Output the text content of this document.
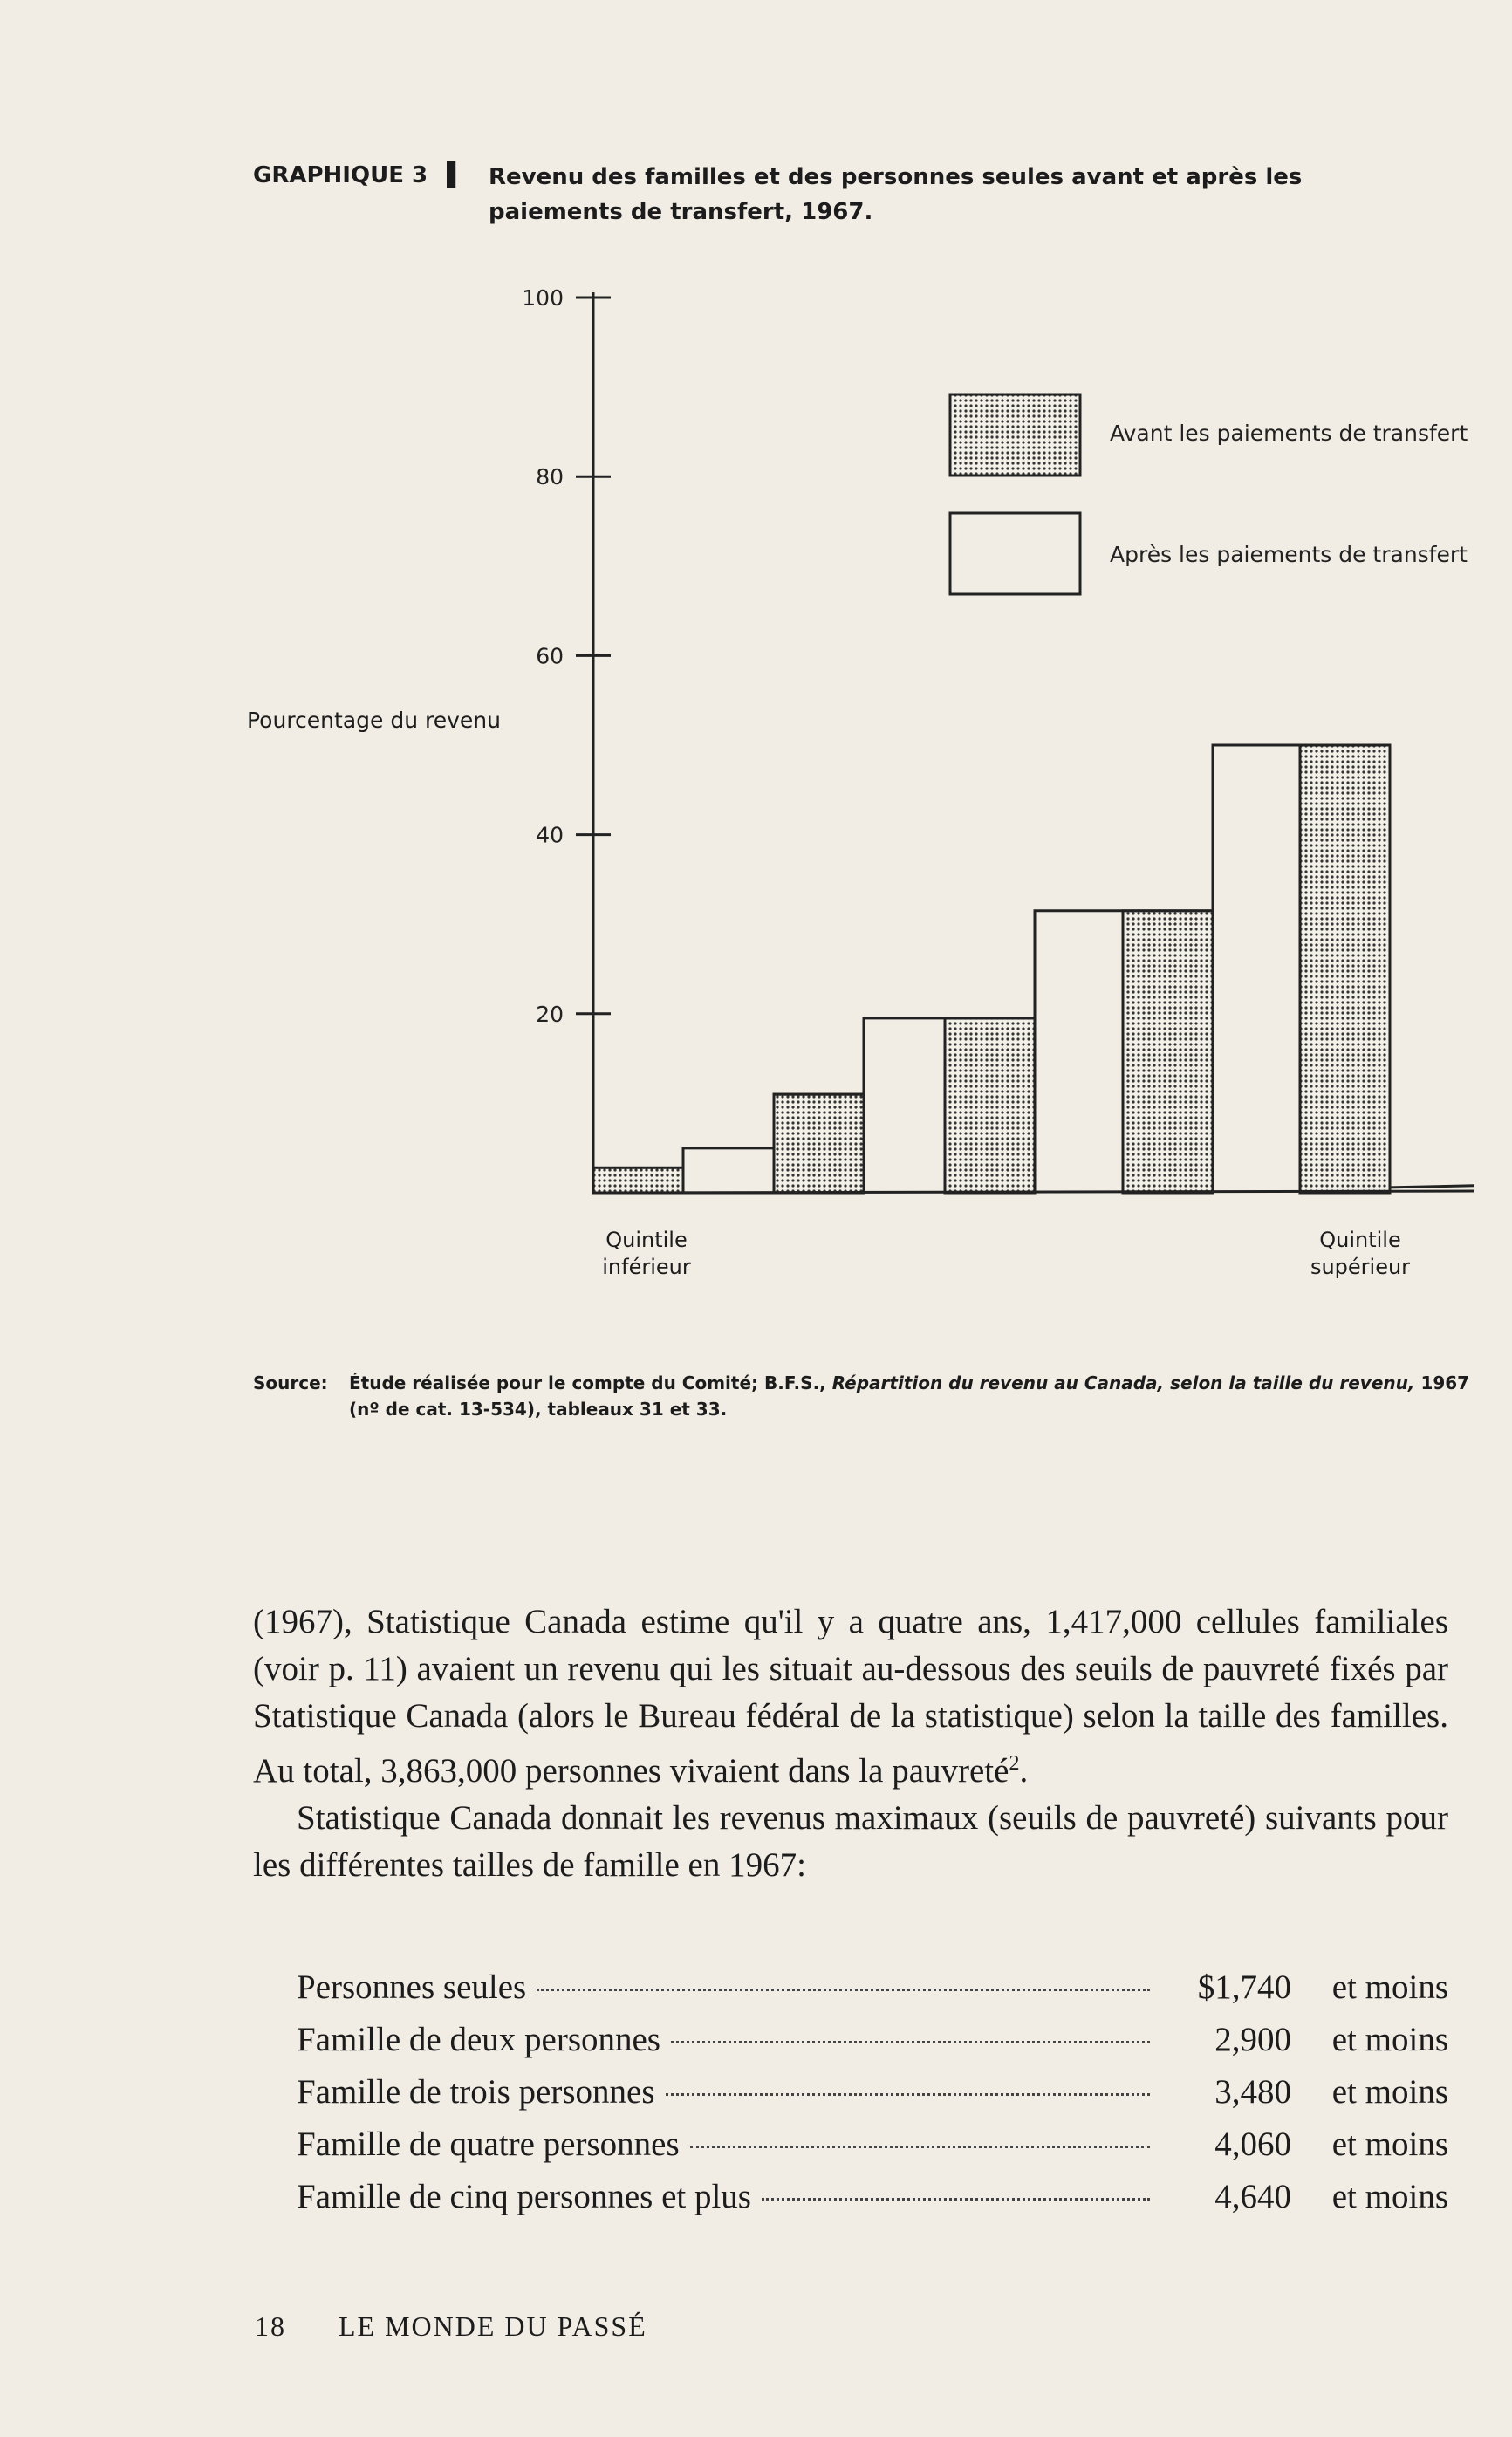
GRAPHIQUE 3 ▐ Revenu des familles et des personnes seules avant et après les paiements de transfert, 1967.
Pourcentage du revenu
20
40
60
80
100
Avant les paiements de transfert
Après les paiements de transfert
Quintile
inférieur
Quintile
supérieur
Source: Étude réalisée pour le compte du Comité; B.F.S., Répartition du revenu au Canada, selon la taille du revenu, 1967
(nº de cat. 13-534), tableaux 31 et 33.

(1967), Statistique Canada estime qu'il y a quatre ans, 1,417,000 cellules familiales (voir p. 11) avaient un revenu qui les situait au-dessous des seuils de pauvreté fixés par Statistique Canada (alors le Bureau fédéral de la statistique) selon la taille des familles. Au total, 3,863,000 personnes vivaient dans la pauvreté$^2$.

Statistique Canada donnait les revenus maximaux (seuils de pauvreté) suivants pour les différentes tailles de famille en 1967:

Personnes seules	$1,740	et moins
Famille de deux personnes	2,900	et moins
Famille de trois personnes	3,480	et moins
Famille de quatre personnes	4,060	et moins
Famille de cinq personnes et plus	4,640	et moins
18 LE MONDE DU PASSÉ
